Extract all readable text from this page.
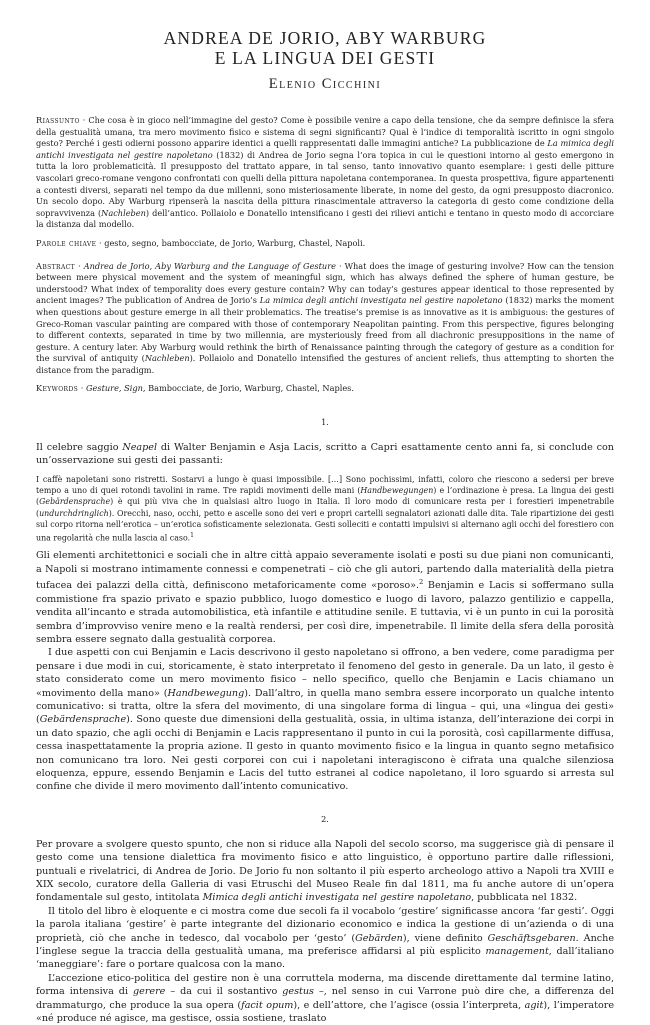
ANDREA DE JORIO, ABY WARBURG
E LA LINGUA DEI GESTI
Elenio Cicchini

Riassunto · Che cosa è in gioco nell’immagine del gesto? Come è possibile venire a capo della tensione, che da sempre definisce la sfera della gestualità umana, tra mero movimento fisico e sistema di segni significanti? Qual è l’indice di temporalità iscritto in ogni singolo gesto? Perché i gesti odierni possono apparire identici a quelli rappresentati dalle immagini antiche? La pubblicazione de La mimica degli antichi investigata nel gestire napoletano (1832) di Andrea de Jorio segna l’ora topica in cui le questioni intorno al gesto emergono in tutta la loro problematicità. Il presupposto del trattato appare, in tal senso, tanto innovativo quanto esemplare: i gesti delle pitture vascolari greco-romane vengono confrontati con quelli della pittura napoletana contemporanea. In questa prospettiva, figure appartenenti a contesti diversi, separati nel tempo da due millenni, sono misteriosamente liberate, in nome del gesto, da ogni presupposto diacronico. Un secolo dopo. Aby Warburg ripenserà la nascita della pittura rinascimentale attraverso la categoria di gesto come condizione della sopravvivenza (Nachleben) dell’antico. Pollaiolo e Donatello intensificano i gesti dei rilievi antichi e tentano in questo modo di accorciare la distanza dal modello.

Parole chiave · gesto, segno, bambocciate, de Jorio, Warburg, Chastel, Napoli.

Abstract · Andrea de Jorio, Aby Warburg and the Language of Gesture · What does the image of gesturing involve? How can the tension between mere physical movement and the system of meaningful sign, which has always defined the sphere of human gesture, be understood? What index of temporality does every gesture contain? Why can today’s gestures appear identical to those represented by ancient images? The publication of Andrea de Jorio’s La mimica degli antichi investigata nel gestire napoletano (1832) marks the moment when questions about gesture emerge in all their problematics. The treatise’s premise is as innovative as it is ambiguous: the gestures of Greco-Roman vascular painting are compared with those of contemporary Neapolitan painting. From this perspective, figures belonging to different contexts, separated in time by two millennia, are mysteriously freed from all diachronic presuppositions in the name of gesture. A century later. Aby Warburg would rethink the birth of Renaissance painting through the category of gesture as a condition for the survival of antiquity (Nachleben). Pollaiolo and Donatello intensified the gestures of ancient reliefs, thus attempting to shorten the distance from the paradigm.

Keywords · Gesture, Sign, Bambocciate, de Jorio, Warburg, Chastel, Naples.

1.

Il celebre saggio Neapel di Walter Benjamin e Asja Lacis, scritto a Capri esattamente cento anni fa, si conclude con un’osservazione sui gesti dei passanti:

I caffè napoletani sono ristretti. Sostarvi a lungo è quasi impossibile. […] Sono pochissimi, infatti, coloro che riescono a sedersi per breve tempo a uno di quei rotondi tavolini in rame. Tre rapidi movimenti delle mani (Handbewegungen) e l’ordinazione è presa. La lingua dei gesti (Gebärdensprache) è qui più viva che in qualsiasi altro luogo in Italia. Il loro modo di comunicare resta per i forestieri impenetrabile (undurchdringlich). Orecchi, naso, occhi, petto e ascelle sono dei veri e propri cartelli segnalatori azionati dalle dita. Tale ripartizione dei gesti sul corpo ritorna nell’erotica – un’erotica sofisticamente selezionata. Gesti solleciti e contatti impulsivi si alternano agli occhi del forestiero con una regolarità che nulla lascia al caso.$^1$

Gli elementi architettonici e sociali che in altre città appaio severamente isolati e posti su due piani non comunicanti, a Napoli si mostrano intimamente connessi e compenetrati – ciò che gli autori, partendo dalla materialità della pietra tufacea dei palazzi della città, definiscono metaforicamente come «poroso».$^2$ Benjamin e Lacis si soffermano sulla commistione fra spazio privato e spazio pubblico, luogo domestico e luogo di lavoro, palazzo gentilizio e cappella, vendita all’incanto e strada automobilistica, età infantile e attitudine senile. E tuttavia, vi è un punto in cui la porosità sembra d’improvviso venire meno e la realtà rendersi, per così dire, impenetrabile. Il limite della sfera della porosità sembra essere segnato dalla gestualità corporea.

I due aspetti con cui Benjamin e Lacis descrivono il gesto napoletano si offrono, a ben vedere, come paradigma per pensare i due modi in cui, storicamente, è stato interpretato il fenomeno del gesto in generale. Da un lato, il gesto è stato considerato come un mero movimento fisico – nello specifico, quello che Benjamin e Lacis chiamano un «movimento della mano» (Handbewegung). Dall’altro, in quella mano sembra essere incorporato un qualche intento comunicativo: si tratta, oltre la sfera del movimento, di una singolare forma di lingua – qui, una «lingua dei gesti» (Gebärdensprache). Sono queste due dimensioni della gestualità, ossia, in ultima istanza, dell’interazione dei corpi in un dato spazio, che agli occhi di Benjamin e Lacis rappresentano il punto in cui la porosità, così capillarmente diffusa, cessa inaspettatamente la propria azione. Il gesto in quanto movimento fisico e la lingua in quanto segno metafisico non comunicano tra loro. Nei gesti corporei con cui i napoletani interagiscono è cifrata una qualche silenziosa eloquenza, eppure, essendo Benjamin e Lacis del tutto estranei al codice napoletano, il loro sguardo si arresta sul confine che divide il mero movimento dall’intento comunicativo.

2.

Per provare a svolgere questo spunto, che non si riduce alla Napoli del secolo scorso, ma suggerisce già di pensare il gesto come una tensione dialettica fra movimento fisico e atto linguistico, è opportuno partire dalle riflessioni, puntuali e rivelatrici, di Andrea de Jorio. De Jorio fu non soltanto il più esperto archeologo attivo a Napoli tra XVIII e XIX secolo, curatore della Galleria di vasi Etruschi del Museo Reale fin dal 1811, ma fu anche autore di un’opera fondamentale sul gesto, intitolata Mimica degli antichi investigata nel gestire napoletano, pubblicata nel 1832.

Il titolo del libro è eloquente e ci mostra come due secoli fa il vocabolo ‘gestire’ significasse ancora ‘far gesti’. Oggi la parola italiana ‘gestire’ è parte integrante del dizionario economico e indica la gestione di un’azienda o di una proprietà, ciò che anche in tedesco, dal vocabolo per ‘gesto’ (Gebärden), viene definito Geschäftsgebaren. Anche l’inglese segue la traccia della gestualità umana, ma preferisce affidarsi al più esplicito management, dall’italiano ‘maneggiare’: fare o portare qualcosa con la mano.

L’accezione etico-politica del gestire non è una corruttela moderna, ma discende direttamente dal termine latino, forma intensiva di gerere – da cui il sostantivo gestus –, nel senso in cui Varrone può dire che, a differenza del drammaturgo, che produce la sua opera (facit opum), e dell’attore, che l’agisce (ossia l’interpreta, agit), l’imperatore «né produce né agisce, ma gestisce, ossia sostiene, traslato
